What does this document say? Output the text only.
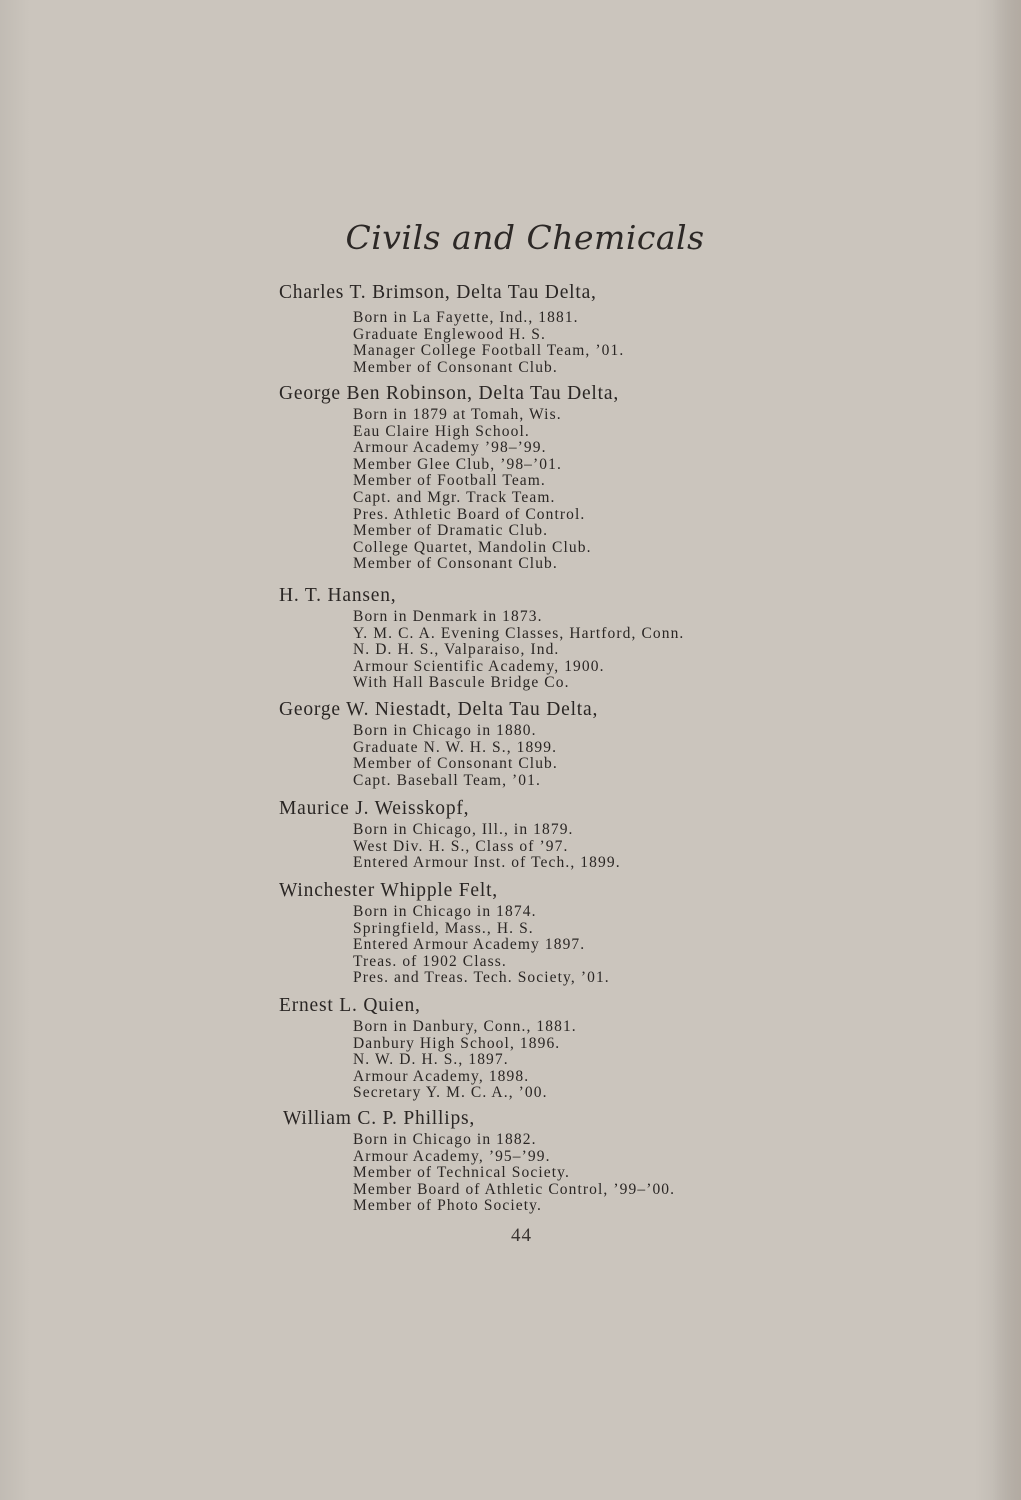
Civils and Chemicals
Charles T. Brimson, Delta Tau Delta,
Born in La Fayette, Ind., 1881.
Graduate Englewood H. S.
Manager College Football Team, ’01.
Member of Consonant Club.
George Ben Robinson, Delta Tau Delta,
Born in 1879 at Tomah, Wis.
Eau Claire High School.
Armour Academy ’98–’99.
Member Glee Club, ’98–’01.
Member of Football Team.
Capt. and Mgr. Track Team.
Pres. Athletic Board of Control.
Member of Dramatic Club.
College Quartet, Mandolin Club.
Member of Consonant Club.
H. T. Hansen,
Born in Denmark in 1873.
Y. M. C. A. Evening Classes, Hartford, Conn.
N. D. H. S., Valparaiso, Ind.
Armour Scientific Academy, 1900.
With Hall Bascule Bridge Co.
George W. Niestadt, Delta Tau Delta,
Born in Chicago in 1880.
Graduate N. W. H. S., 1899.
Member of Consonant Club.
Capt. Baseball Team, ’01.
Maurice J. Weisskopf,
Born in Chicago, Ill., in 1879.
West Div. H. S., Class of ’97.
Entered Armour Inst. of Tech., 1899.
Winchester Whipple Felt,
Born in Chicago in 1874.
Springfield, Mass., H. S.
Entered Armour Academy 1897.
Treas. of 1902 Class.
Pres. and Treas. Tech. Society, ’01.
Ernest L. Quien,
Born in Danbury, Conn., 1881.
Danbury High School, 1896.
N. W. D. H. S., 1897.
Armour Academy, 1898.
Secretary Y. M. C. A., ’00.
William C. P. Phillips,
Born in Chicago in 1882.
Armour Academy, ’95–’99.
Member of Technical Society.
Member Board of Athletic Control, ’99–’00.
Member of Photo Society.
44
